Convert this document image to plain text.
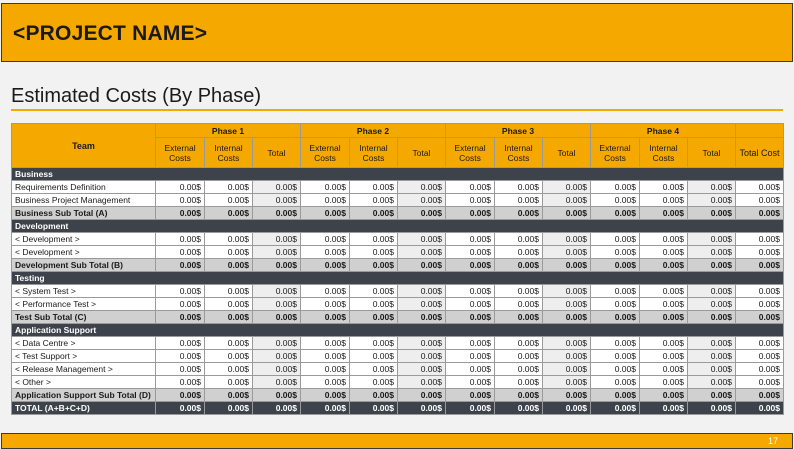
<PROJECT NAME>
Estimated Costs (By Phase)
Team	Phase 1			Phase 2			Phase 3			Phase 4			
	External Costs	Internal Costs	Total	External Costs	Internal Costs	Total	External Costs	Internal Costs	Total	External Costs	Internal Costs	Total	Total Cost
Business													
Requirements Definition	0.00$	0.00$	0.00$	0.00$	0.00$	0.00$	0.00$	0.00$	0.00$	0.00$	0.00$	0.00$	0.00$
Business Project Management	0.00$	0.00$	0.00$	0.00$	0.00$	0.00$	0.00$	0.00$	0.00$	0.00$	0.00$	0.00$	0.00$
Business Sub Total (A)	0.00$	0.00$	0.00$	0.00$	0.00$	0.00$	0.00$	0.00$	0.00$	0.00$	0.00$	0.00$	0.00$
Development													
< Development >	0.00$	0.00$	0.00$	0.00$	0.00$	0.00$	0.00$	0.00$	0.00$	0.00$	0.00$	0.00$	0.00$
< Development >	0.00$	0.00$	0.00$	0.00$	0.00$	0.00$	0.00$	0.00$	0.00$	0.00$	0.00$	0.00$	0.00$
Development Sub Total (B)	0.00$	0.00$	0.00$	0.00$	0.00$	0.00$	0.00$	0.00$	0.00$	0.00$	0.00$	0.00$	0.00$
Testing													
< System Test >	0.00$	0.00$	0.00$	0.00$	0.00$	0.00$	0.00$	0.00$	0.00$	0.00$	0.00$	0.00$	0.00$
< Performance Test >	0.00$	0.00$	0.00$	0.00$	0.00$	0.00$	0.00$	0.00$	0.00$	0.00$	0.00$	0.00$	0.00$
Test Sub Total (C)	0.00$	0.00$	0.00$	0.00$	0.00$	0.00$	0.00$	0.00$	0.00$	0.00$	0.00$	0.00$	0.00$
Application Support													
< Data Centre >	0.00$	0.00$	0.00$	0.00$	0.00$	0.00$	0.00$	0.00$	0.00$	0.00$	0.00$	0.00$	0.00$
< Test Support >	0.00$	0.00$	0.00$	0.00$	0.00$	0.00$	0.00$	0.00$	0.00$	0.00$	0.00$	0.00$	0.00$
< Release Management >	0.00$	0.00$	0.00$	0.00$	0.00$	0.00$	0.00$	0.00$	0.00$	0.00$	0.00$	0.00$	0.00$
< Other >	0.00$	0.00$	0.00$	0.00$	0.00$	0.00$	0.00$	0.00$	0.00$	0.00$	0.00$	0.00$	0.00$
Application Support Sub Total (D)	0.00$	0.00$	0.00$	0.00$	0.00$	0.00$	0.00$	0.00$	0.00$	0.00$	0.00$	0.00$	0.00$
TOTAL (A+B+C+D)	0.00$	0.00$	0.00$	0.00$	0.00$	0.00$	0.00$	0.00$	0.00$	0.00$	0.00$	0.00$	0.00$
17
